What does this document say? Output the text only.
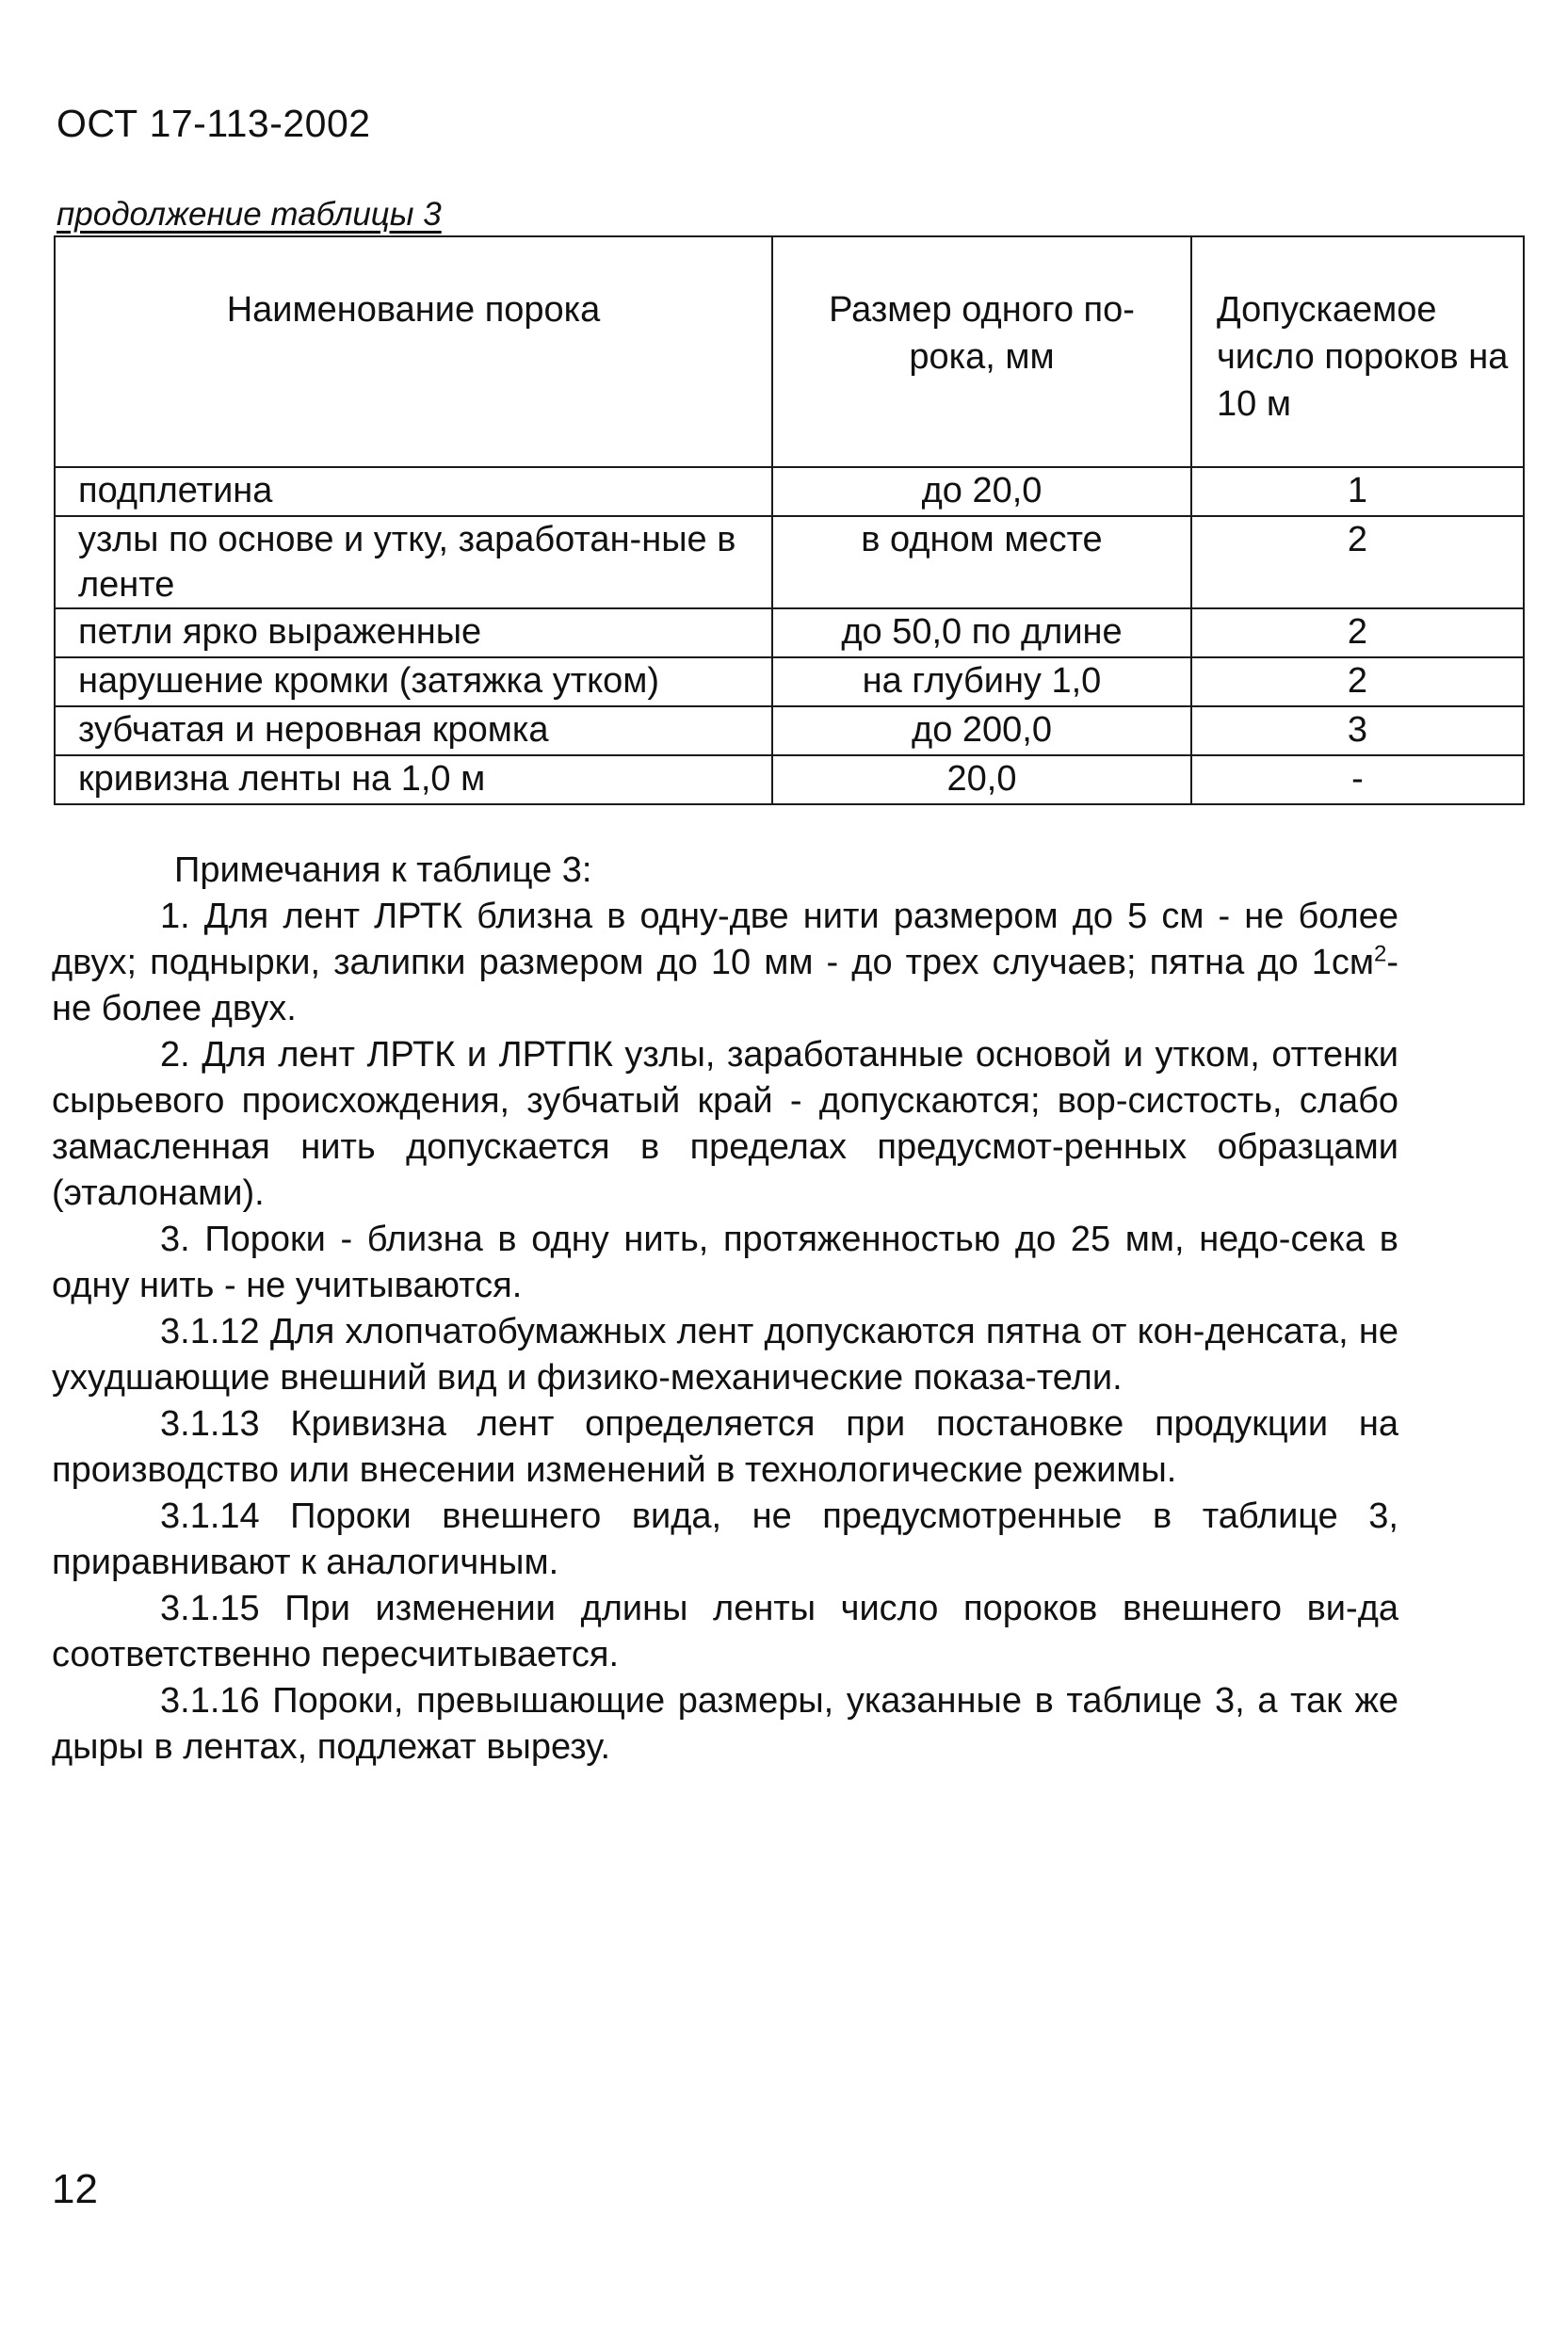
ОСТ 17-113-2002
продолжение таблицы 3
Наименование порока	Размер одного по-рока, мм	Допускаемое число пороков на 10 м
подплетина	до 20,0	1
узлы по основе и утку, заработан-ные в ленте	в одном месте	2
петли ярко выраженные	до 50,0 по длине	2
нарушение кромки (затяжка утком)	на глубину 1,0	2
зубчатая и неровная кромка	до 200,0	3
кривизна ленты на 1,0 м	20,0	-

Примечания к таблице 3:

1. Для лент ЛРТК близна в одну-две нити размером до 5 см - не более двух; поднырки, залипки размером до 10 мм - до трех случаев; пятна до $1см^2-$ не более двух.

2. Для лент ЛРТК и ЛРТПК узлы, заработанные основой и утком, оттенки сырьевого происхождения, зубчатый край - допускаются; вор-систость, слабо замасленная нить допускается в пределах предусмот-ренных образцами (эталонами).

3. Пороки - близна в одну нить, протяженностью до 25 мм, недо-сека в одну нить - не учитываются.

3.1.12 Для хлопчатобумажных лент допускаются пятна от кон-денсата, не ухудшающие внешний вид и физико-механические показа-тели.

3.1.13 Кривизна лент определяется при постановке продукции на производство или внесении изменений в технологические режимы.

3.1.14 Пороки внешнего вида, не предусмотренные в таблице 3, приравнивают к аналогичным.

3.1.15 При изменении длины ленты число пороков внешнего ви-да соответственно пересчитывается.

3.1.16 Пороки, превышающие размеры, указанные в таблице 3, а так же дыры в лентах, подлежат вырезу.

12
